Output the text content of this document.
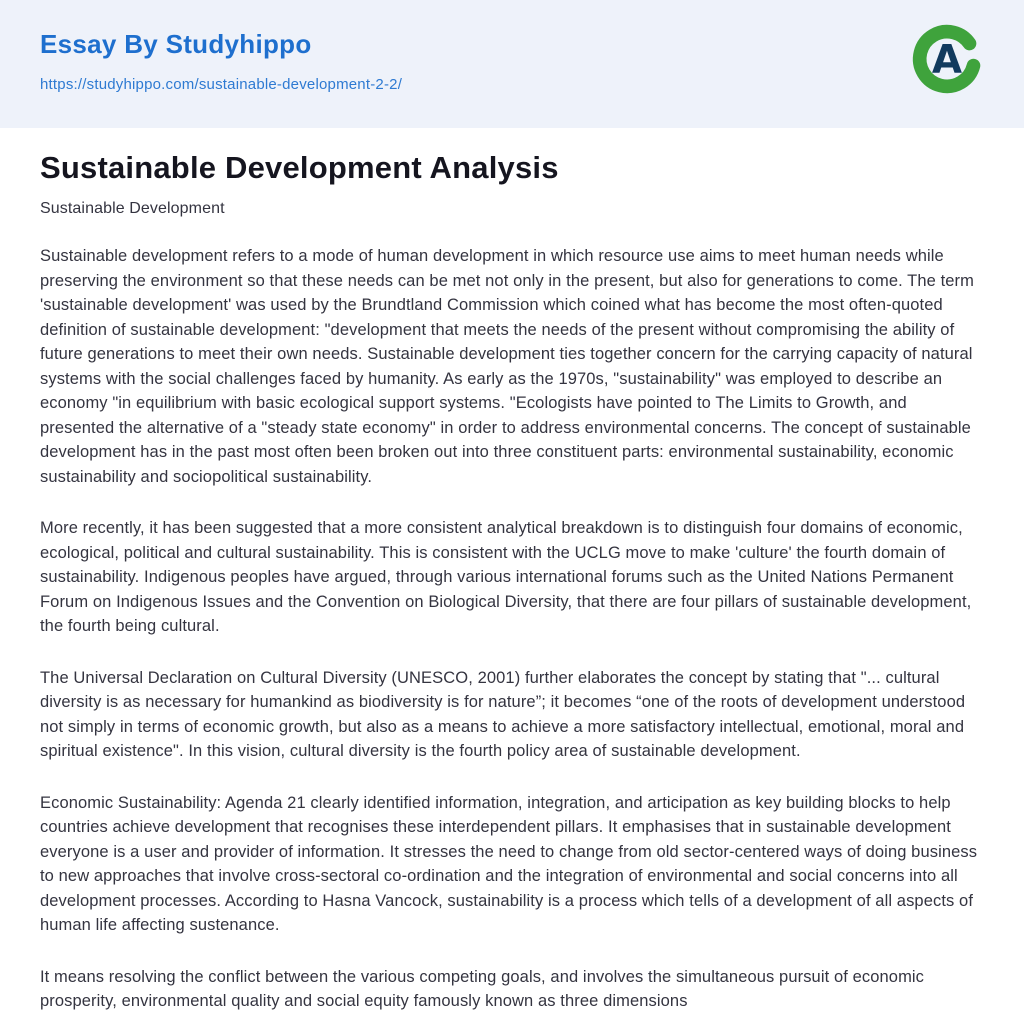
Essay By Studyhippo
https://studyhippo.com/sustainable-development-2-2/
A
Sustainable Development Analysis
Sustainable Development

Sustainable development refers to a mode of human development in which resource use aims to meet human needs while preserving the environment so that these needs can be met not only in the present, but also for generations to come. The term 'sustainable development' was used by the Brundtland Commission which coined what has become the most often-quoted definition of sustainable development: "development that meets the needs of the present without compromising the ability of future generations to meet their own needs. Sustainable development ties together concern for the carrying capacity of natural systems with the social challenges faced by humanity. As early as the 1970s, "sustainability" was employed to describe an economy "in equilibrium with basic ecological support systems. "Ecologists have pointed to The Limits to Growth, and presented the alternative of a "steady state economy" in order to address environmental concerns. The concept of sustainable development has in the past most often been broken out into three constituent parts: environmental sustainability, economic sustainability and sociopolitical sustainability.

More recently, it has been suggested that a more consistent analytical breakdown is to distinguish four domains of economic, ecological, political and cultural sustainability. This is consistent with the UCLG move to make 'culture' the fourth domain of sustainability. Indigenous peoples have argued, through various international forums such as the United Nations Permanent Forum on Indigenous Issues and the Convention on Biological Diversity, that there are four pillars of sustainable development, the fourth being cultural.

The Universal Declaration on Cultural Diversity (UNESCO, 2001) further elaborates the concept by stating that "... cultural diversity is as necessary for humankind as biodiversity is for nature”; it becomes “one of the roots of development understood not simply in terms of economic growth, but also as a means to achieve a more satisfactory intellectual, emotional, moral and spiritual existence". In this vision, cultural diversity is the fourth policy area of sustainable development.

Economic Sustainability: Agenda 21 clearly identified information, integration, and articipation as key building blocks to help countries achieve development that recognises these interdependent pillars. It emphasises that in sustainable development everyone is a user and provider of information. It stresses the need to change from old sector-centered ways of doing business to new approaches that involve cross-sectoral co-ordination and the integration of environmental and social concerns into all development processes. According to Hasna Vancock, sustainability is a process which tells of a development of all aspects of human life affecting sustenance.

It means resolving the conflict between the various competing goals, and involves the simultaneous pursuit of economic prosperity, environmental quality and social equity famously known as three dimensions
